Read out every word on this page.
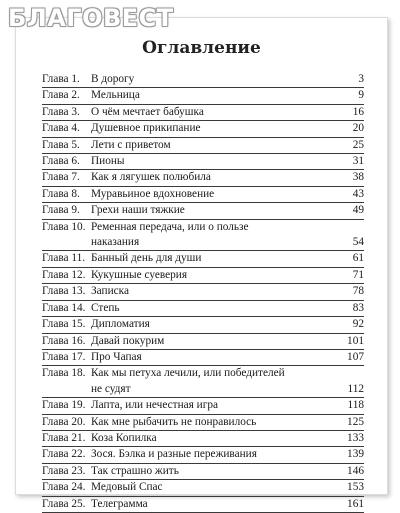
БЛАГОВЕСТ
Оглавление
Глава 1. В дорогу	3
Глава 2. Мельница	9
Глава 3. О чём мечтает бабушка	16
Глава 4. Душевное прикипание	20
Глава 5. Лети с приветом	25
Глава 6. Пионы	31
Глава 7. Как я лягушек полюбила	38
Глава 8. Муравьиное вдохновение	43
Глава 9. Грехи наши тяжкие	49
Глава 10. Ременная передача, или о пользе
наказания	54
Глава 11. Банный день для души	61
Глава 12. Кукушные суеверия	71
Глава 13. Записка	78
Глава 14. Степь	83
Глава 15. Дипломатия	92
Глава 16. Давай покурим	101
Глава 17. Про Чапая	107
Глава 18. Как мы петуха лечили, или победителей
не судят	112
Глава 19. Лапта, или нечестная игра	118
Глава 20. Как мне рыбачить не понравилось	125
Глава 21. Коза Копилка	133
Глава 22. Зося. Бэлка и разные переживания	139
Глава 23. Так страшно жить	146
Глава 24. Медовый Спас	153
Глава 25. Телеграмма	161
